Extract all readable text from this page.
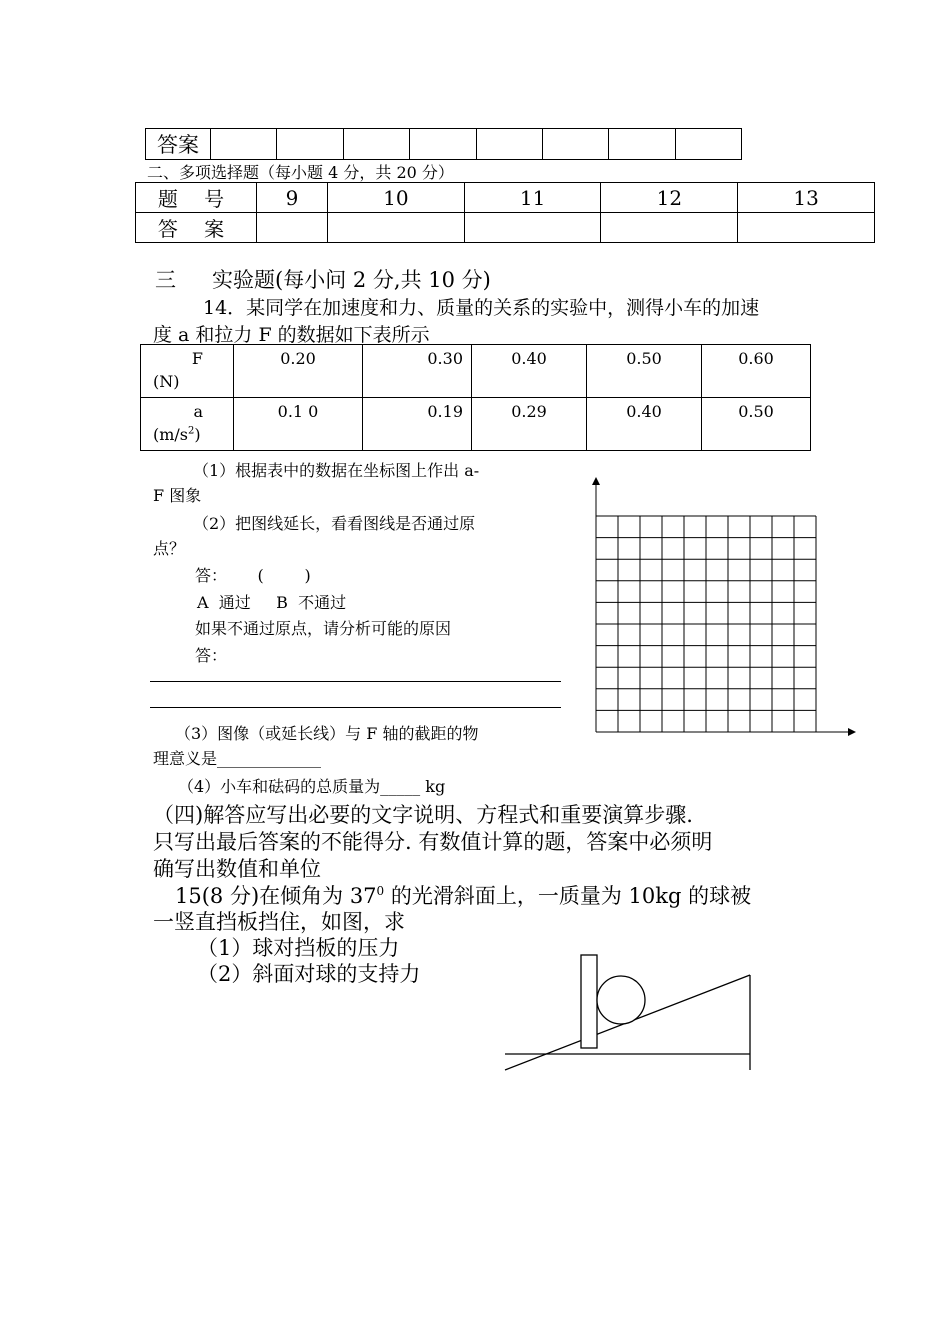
答案								
二、多项选择题（每小题 4 分，共 20 分）
题 号	9	10	11	12	13
答 案					
三 实验题(每小问 2 分,共 10 分)
14．某同学在加速度和力、质量的关系的实验中，测得小车的加速
度 a 和拉力 F 的数据如下表所示
F
(N)	0.20	0.30	0.40	0.50	0.60

a
$(m/s^2)$	0.1 0	0.19	0.29	0.40	0.50
（1）根据表中的数据在坐标图上作出 a-
F 图象
（2）把图线延长，看看图线是否通过原
点？
答：      (        )
A  通过     B  不通过
如果不通过原点，请分析可能的原因
答：
（3）图像（或延长线）与 F 轴的截距的物
理意义是_____________
（4）小车和砝码的总质量为_____ kg
（四)解答应写出必要的文字说明、方程式和重要演算步骤.
只写出最后答案的不能得分. 有数值计算的题，答案中必须明
确写出数值和单位
15(8 分)在倾角为 $37^0$ 的光滑斜面上，一质量为 10kg 的球被
一竖直挡板挡住，如图，求
（1）球对挡板的压力
（2）斜面对球的支持力
